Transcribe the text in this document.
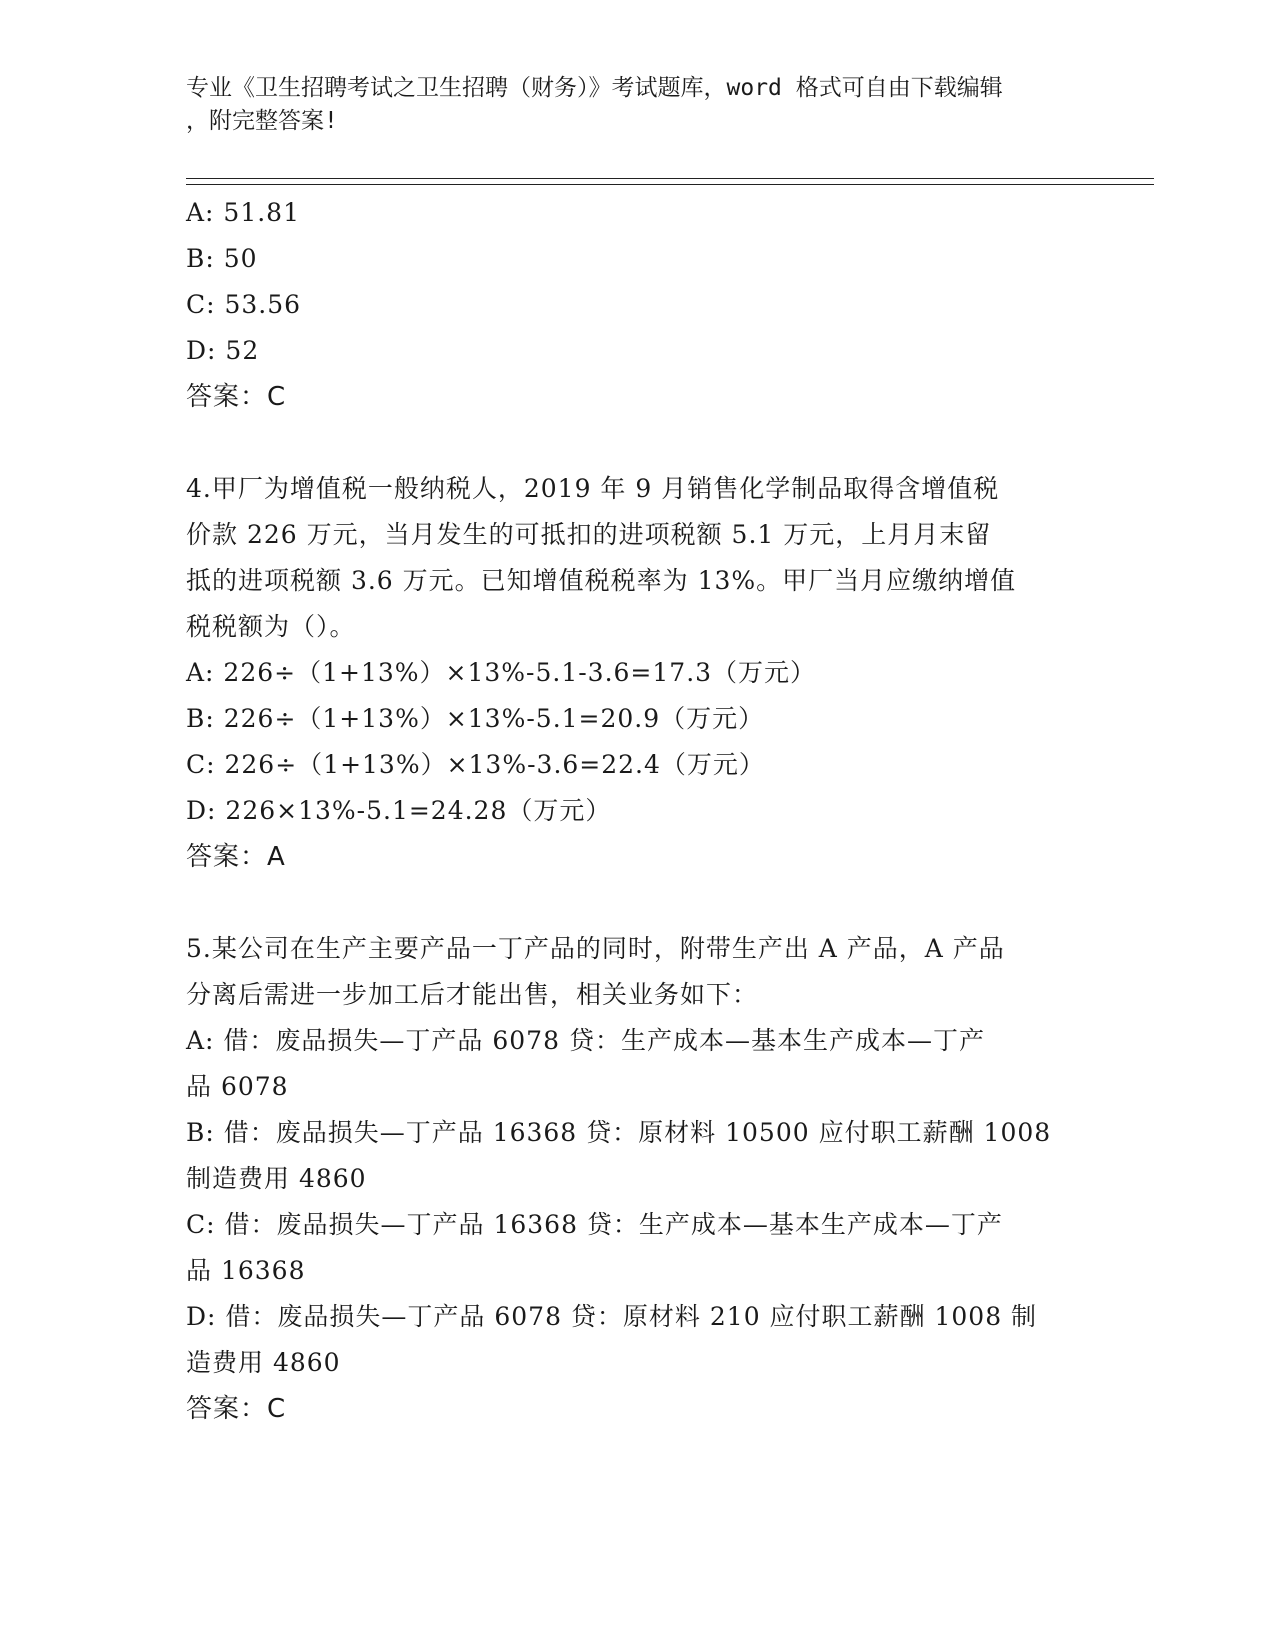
专业《卫生招聘考试之卫生招聘（财务）》考试题库，word 格式可自由下载编辑
，附完整答案!
A: 51.81
B: 50
C: 53.56
D: 52
答案：C
4.甲厂为增值税一般纳税人，2019 年 9 月销售化学制品取得含增值税
价款 226 万元，当月发生的可抵扣的进项税额 5.1 万元，上月月末留
抵的进项税额 3.6 万元。已知增值税税率为 13%。甲厂当月应缴纳增值
税税额为（）。
A: 226÷（1+13%）×13%-5.1-3.6=17.3（万元）
B: 226÷（1+13%）×13%-5.1=20.9（万元）
C: 226÷（1+13%）×13%-3.6=22.4（万元）
D: 226×13%-5.1=24.28（万元）
答案：A
5.某公司在生产主要产品一丁产品的同时，附带生产出 A 产品，A 产品
分离后需进一步加工后才能出售，相关业务如下：
A: 借：废品损失—丁产品 6078 贷：生产成本—基本生产成本—丁产
品 6078
B: 借：废品损失—丁产品 16368 贷：原材料 10500 应付职工薪酬 1008
制造费用 4860
C: 借：废品损失—丁产品 16368 贷：生产成本—基本生产成本—丁产
品 16368
D: 借：废品损失—丁产品 6078 贷：原材料 210 应付职工薪酬 1008 制
造费用 4860
答案：C
